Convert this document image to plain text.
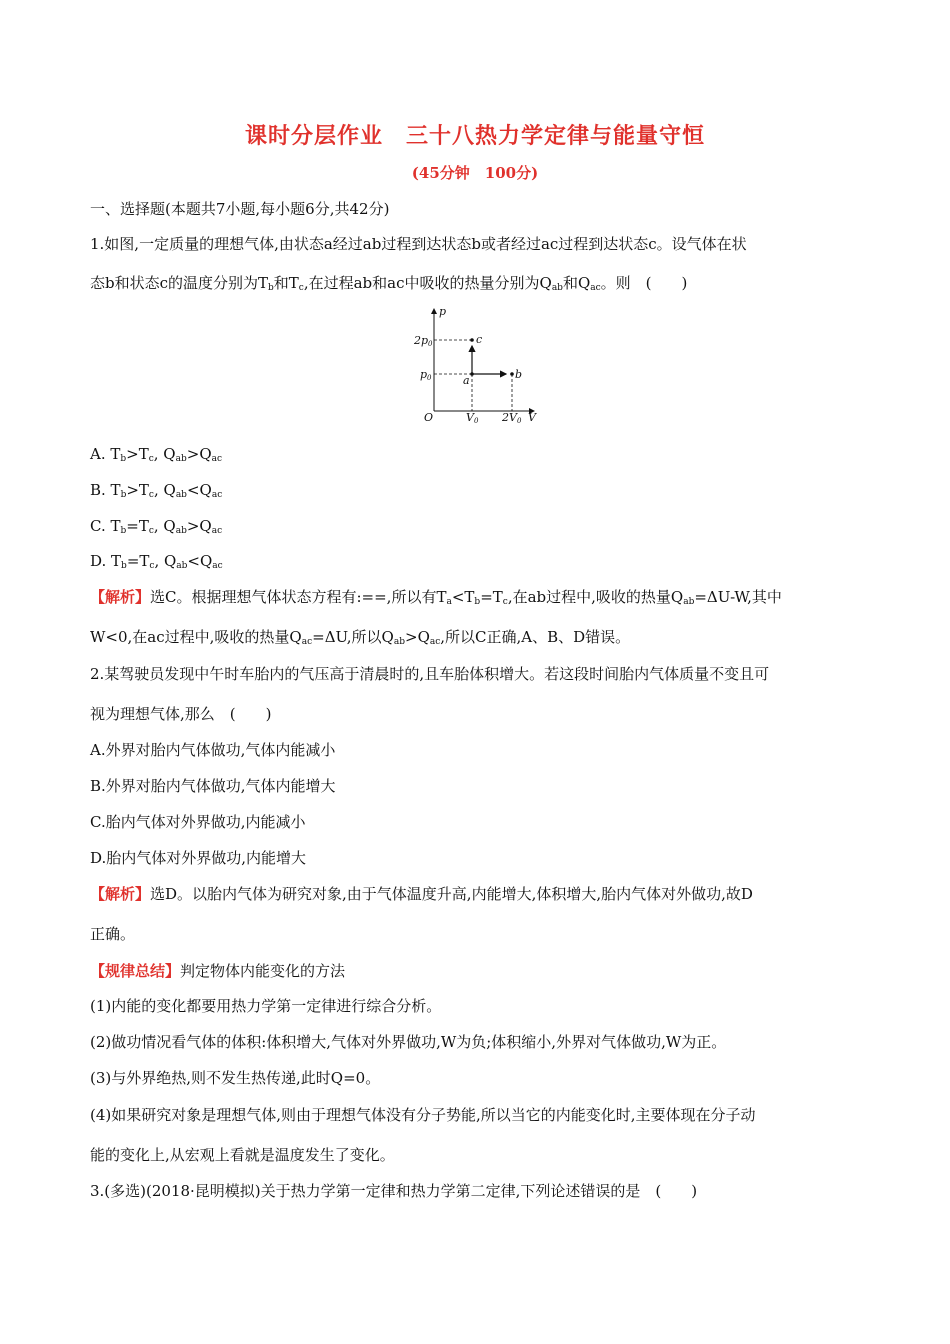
课时分层作业　三十八热力学定律与能量守恒
(45分钟　100分)
一、选择题(本题共7小题,每小题6分,共42分)
1.如图,一定质量的理想气体,由状态a经过ab过程到达状态b或者经过ac过程到达状态c。设气体在状
态b和状态c的温度分别为$T_b$和$T_c$,在过程ab和ac中吸收的热量分别为$Q_{ab}$和$Q_{ac}$。则　(　　)
p
V
O
2p0
p0
V0 2V0
a	b
c
A. $T_b>T_c$, $Q_{ab}>Q_{ac}$
B. $T_b>T_c$, $Q_{ab}<Q_{ac}$
C. $T_b=T_c$, $Q_{ab}>Q_{ac}$
D. $T_b=T_c$, $Q_{ab}<Q_{ac}$
【解析】选C。根据理想气体状态方程有:==,所以有$T_a<T_b=T_c$,在ab过程中,吸收的热量$Q_{ab}=\Delta U-W$,其中
W<0,在ac过程中,吸收的热量$Q_{ac}=\Delta U$,所以$Q_{ab}>Q_{ac}$,所以C正确,A、B、D错误。
2.某驾驶员发现中午时车胎内的气压高于清晨时的,且车胎体积增大。若这段时间胎内气体质量不变且可
视为理想气体,那么　(　　)
A.外界对胎内气体做功,气体内能减小
B.外界对胎内气体做功,气体内能增大
C.胎内气体对外界做功,内能减小
D.胎内气体对外界做功,内能增大
【解析】选D。以胎内气体为研究对象,由于气体温度升高,内能增大,体积增大,胎内气体对外做功,故D
正确。
【规律总结】判定物体内能变化的方法
(1)内能的变化都要用热力学第一定律进行综合分析。
(2)做功情况看气体的体积:体积增大,气体对外界做功,W为负;体积缩小,外界对气体做功,W为正。
(3)与外界绝热,则不发生热传递,此时Q=0。
(4)如果研究对象是理想气体,则由于理想气体没有分子势能,所以当它的内能变化时,主要体现在分子动
能的变化上,从宏观上看就是温度发生了变化。
3.(多选)(2018·昆明模拟)关于热力学第一定律和热力学第二定律,下列论述错误的是　(　　)
